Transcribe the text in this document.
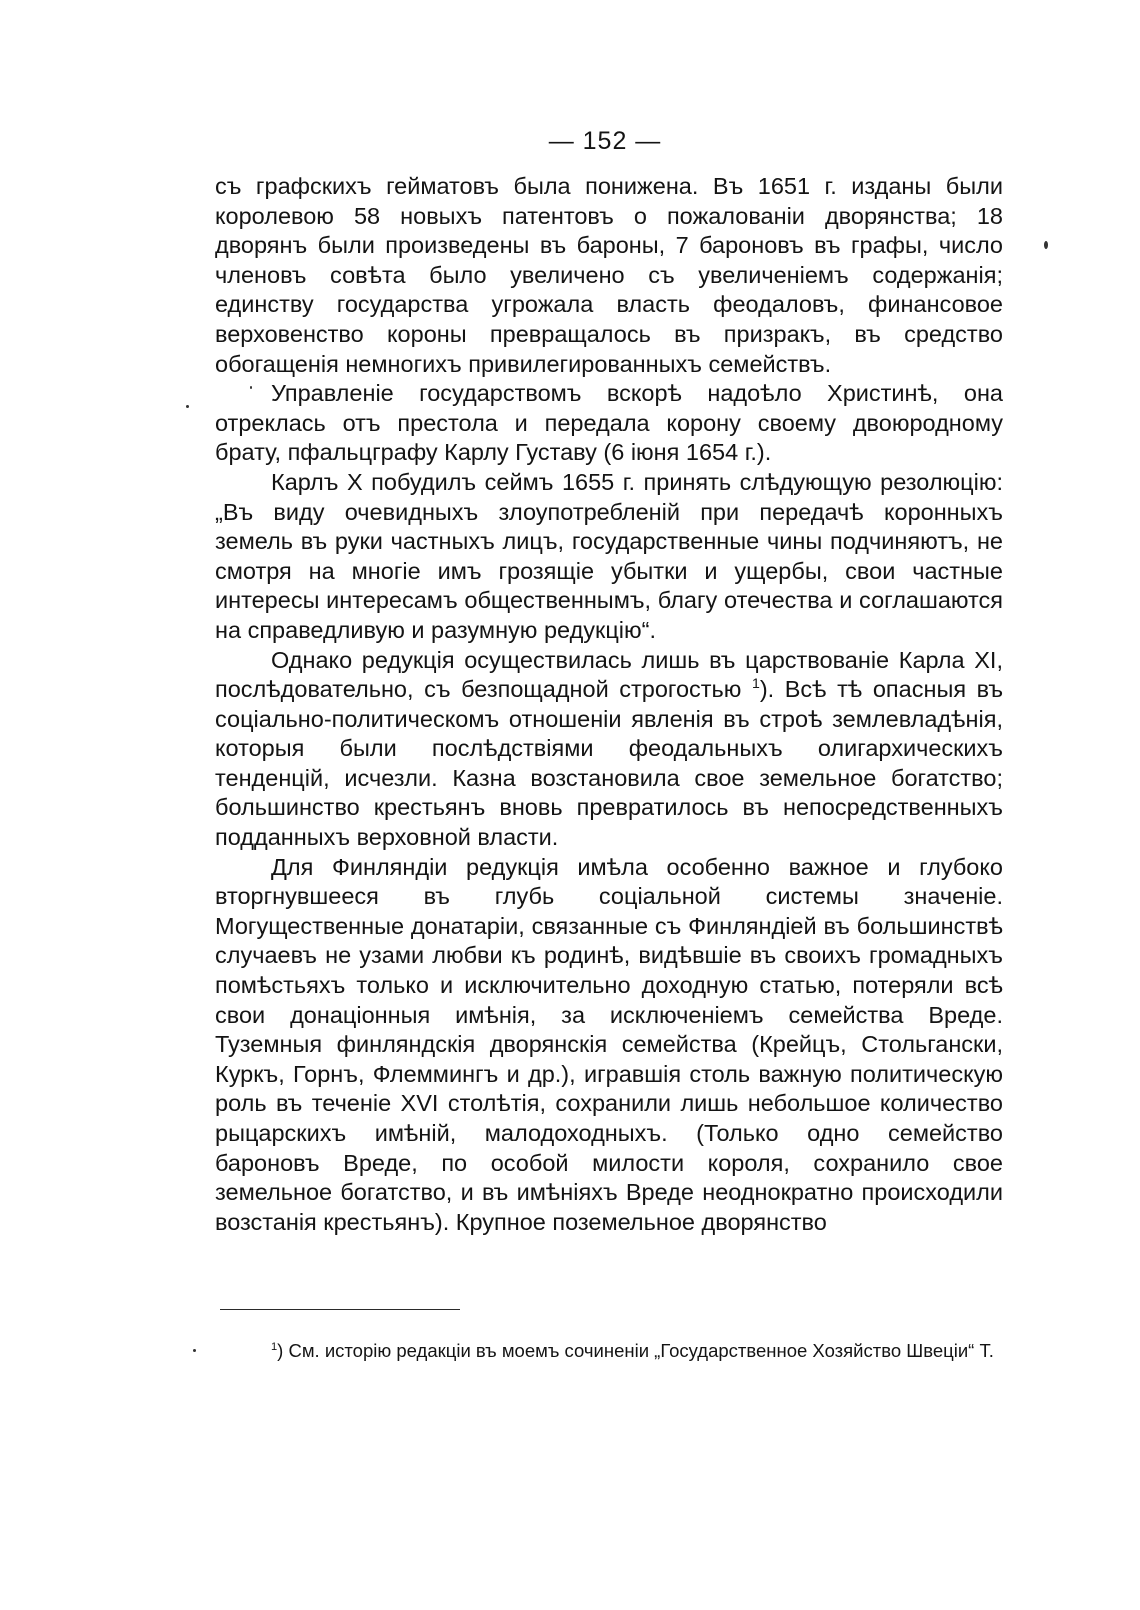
— 152 —

съ графскихъ гейматовъ была понижена. Въ 1651 г. изданы были королевою 58 новыхъ патентовъ о пожалованіи дворянства; 18 дворянъ были произведены въ бароны, 7 бароновъ въ графы, число членовъ совѣта было увеличено съ увеличеніемъ содержанія; единству государства угрожала власть феодаловъ, финансовое верховенство короны превращалось въ призракъ, въ средство обогащенія немногихъ привилегированныхъ семействъ.

Управленіе государствомъ вскорѣ надоѣло Христинѣ, она отреклась отъ престола и передала корону своему двоюродному брату, пфальцграфу Карлу Густаву (6 іюня 1654 г.).

Карлъ X побудилъ сеймъ 1655 г. принять слѣдующую резолюцію: „Въ виду очевидныхъ злоупотребленій при передачѣ коронныхъ земель въ руки частныхъ лицъ, государственные чины подчиняютъ, не смотря на многіе имъ грозящіе убытки и ущербы, свои частные интересы интересамъ общественнымъ, благу отечества и соглашаются на справедливую и разумную редукцію“.

Однако редукція осуществилась лишь въ царствованіе Карла XI, послѣдовательно, съ безпощадной строгостью $^1$). Всѣ тѣ опасныя въ соціально-политическомъ отношеніи явленія въ строѣ землевладѣнія, которыя были послѣдствіями феодальныхъ олигархическихъ тенденцій, исчезли. Казна возстановила свое земельное богатство; большинство крестьянъ вновь превратилось въ непосредственныхъ подданныхъ верховной власти.

Для Финляндіи редукція имѣла особенно важное и глубоко вторгнувшееся въ глубь соціальной системы значеніе. Могущественные донатаріи, связанные съ Финляндіей въ большинствѣ случаевъ не узами любви къ родинѣ, видѣвшіе въ своихъ громадныхъ помѣстьяхъ только и исключительно доходную статью, потеряли всѣ свои донаціонныя имѣнія, за исключеніемъ семейства Вреде. Туземныя финляндскія дворянскія семейства (Крейцъ, Стольгански, Куркъ, Горнъ, Флеммингъ и др.), игравшія столь важную политическую роль въ теченіе XVI столѣтія, сохранили лишь небольшое количество рыцарскихъ имѣній, малодоходныхъ. (Только одно семейство бароновъ Вреде, по особой милости короля, сохранило свое земельное богатство, и въ имѣніяхъ Вреде неоднократно происходили возстанія крестьянъ). Крупное поземельное дворянство

$^1$) См. исторію редакціи въ моемъ сочиненіи „Государственное Хозяйство Швеціи“ Т.
